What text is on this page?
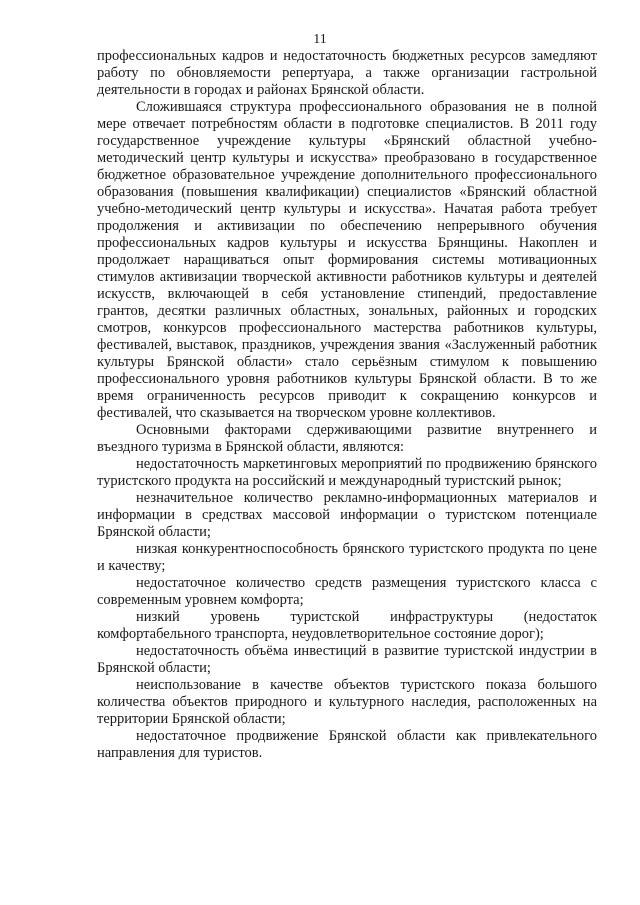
11

профессиональных кадров и недостаточность бюджетных ресурсов замедляют работу по обновляемости репертуара, а также организации гастрольной деятельности в городах и районах Брянской области.

Сложившаяся структура профессионального образования не в полной мере отвечает потребностям области в подготовке специалистов. В 2011 году государственное учреждение культуры «Брянский областной учебно-методический центр культуры и искусства» преобразовано в государственное бюджетное образовательное учреждение дополнительного профессионального образования (повышения квалификации) специалистов «Брянский областной учебно-методический центр культуры и искусства». Начатая работа требует продолжения и активизации по обеспечению непрерывного обучения профессиональных кадров культуры и искусства Брянщины. Накоплен и продолжает наращиваться опыт формирования системы мотивационных стимулов активизации творческой активности работников культуры и деятелей искусств, включающей в себя установление стипендий, предоставление грантов, десятки различных областных, зональных, районных и городских смотров, конкурсов профессионального мастерства работников культуры, фестивалей, выставок, праздников, учреждения звания «Заслуженный работник культуры Брянской области» стало серьёзным стимулом к повышению профессионального уровня работников культуры Брянской области. В то же время ограниченность ресурсов приводит к сокращению конкурсов и фестивалей, что сказывается на творческом уровне коллективов.

Основными факторами сдерживающими развитие внутреннего и въездного туризма в Брянской области, являются:

недостаточность маркетинговых мероприятий по продвижению брянского туристского продукта на российский и международный туристский рынок;

незначительное количество рекламно-информационных материалов и информации в средствах массовой информации о туристском потенциале Брянской области;

низкая конкурентноспособность брянского туристского продукта по цене и качеству;

недостаточное количество средств размещения туристского класса с современным уровнем комфорта;

низкий уровень туристской инфраструктуры (недостаток комфортабельного транспорта, неудовлетворительное состояние дорог);

недостаточность объёма инвестиций в развитие туристской индустрии в Брянской области;

неиспользование в качестве объектов туристского показа большого количества объектов природного и культурного наследия, расположенных на территории Брянской области;

недостаточное продвижение Брянской области как привлекательного направления для туристов.
